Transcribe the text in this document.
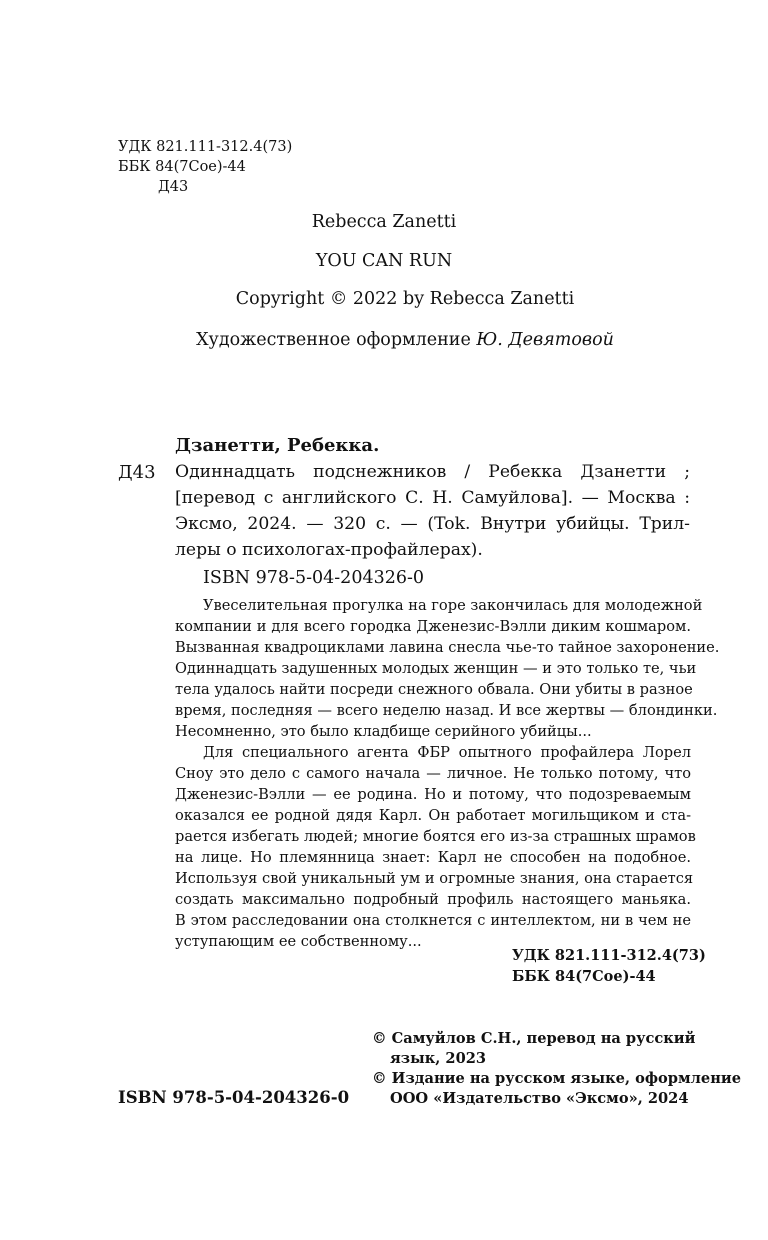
УДК 821.111-312.4(73)
ББК 84(7Сое)-44
Д43
Rebecca Zanetti
YOU CAN RUN
Copyright © 2022 by Rebecca Zanetti
Художественное оформление Ю. Девятовой
Дзанетти, Ребекка.
Д43 Одиннадцать подснежников / Ребекка Дзанетти ;
[перевод с английского С. Н. Самуйлова]. — Москва :
Эксмо, 2024. — 320 с. — (Tok. Внутри убийцы. Трил-
леры о психологах-профайлерах).
ISBN 978-5-04-204326-0
Увеселительная прогулка на горе закончилась для молодежной
компании и для всего городка Дженезис-Вэлли диким кошмаром.
Вызванная квадроциклами лавина снесла чье-то тайное захоронение.
Одиннадцать задушенных молодых женщин — и это только те, чьи
тела удалось найти посреди снежного обвала. Они убиты в разное
время, последняя — всего неделю назад. И все жертвы — блондинки.
Несомненно, это было кладбище серийного убийцы...
Для специального агента ФБР опытного профайлера Лорел
Сноу это дело с самого начала — личное. Не только потому, что
Дженезис-Вэлли — ее родина. Но и потому, что подозреваемым
оказался ее родной дядя Карл. Он работает могильщиком и ста-
рается избегать людей; многие боятся его из-за страшных шрамов
на лице. Но племянница знает: Карл не способен на подобное.
Используя свой уникальный ум и огромные знания, она старается
создать максимально подробный профиль настоящего маньяка.
В этом расследовании она столкнется с интеллектом, ни в чем не
уступающим ее собственному...
УДК 821.111-312.4(73)
ББК 84(7Сое)-44
© Самуйлов С.Н., перевод на русский
язык, 2023
© Издание на русском языке, оформление
ООО «Издательство «Эксмо», 2024
ISBN 978-5-04-204326-0
